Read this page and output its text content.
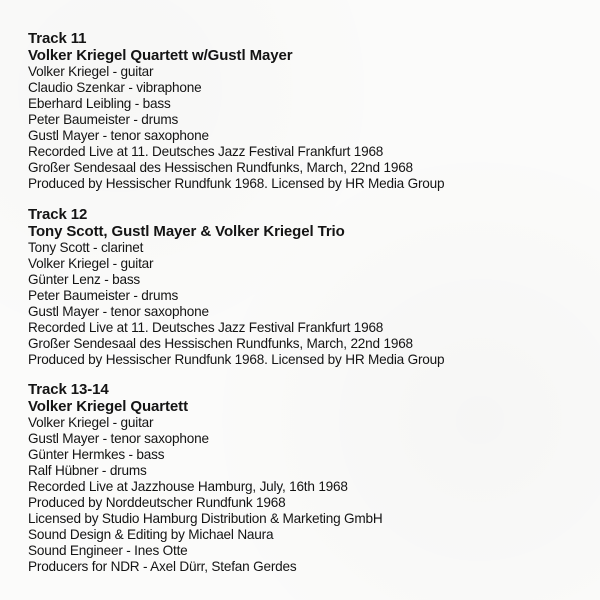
Track 11
Volker Kriegel Quartett w/Gustl Mayer
Volker Kriegel - guitar
Claudio Szenkar - vibraphone
Eberhard Leibling - bass
Peter Baumeister - drums
Gustl Mayer - tenor saxophone
Recorded Live at 11. Deutsches Jazz Festival Frankfurt 1968
Großer Sendesaal des Hessischen Rundfunks, March, 22nd 1968
Produced by Hessischer Rundfunk 1968. Licensed by HR Media Group
Track 12
Tony Scott, Gustl Mayer & Volker Kriegel Trio
Tony Scott - clarinet
Volker Kriegel - guitar
Günter Lenz - bass
Peter Baumeister - drums
Gustl Mayer - tenor saxophone
Recorded Live at 11. Deutsches Jazz Festival Frankfurt 1968
Großer Sendesaal des Hessischen Rundfunks, March, 22nd 1968
Produced by Hessischer Rundfunk 1968. Licensed by HR Media Group
Track 13-14
Volker Kriegel Quartett
Volker Kriegel - guitar
Gustl Mayer - tenor saxophone
Günter Hermkes - bass
Ralf Hübner - drums
Recorded Live at Jazzhouse Hamburg, July, 16th 1968
Produced by Norddeutscher Rundfunk 1968
Licensed by Studio Hamburg Distribution & Marketing GmbH
Sound Design & Editing by Michael Naura
Sound Engineer - Ines Otte
Producers for NDR - Axel Dürr, Stefan Gerdes
